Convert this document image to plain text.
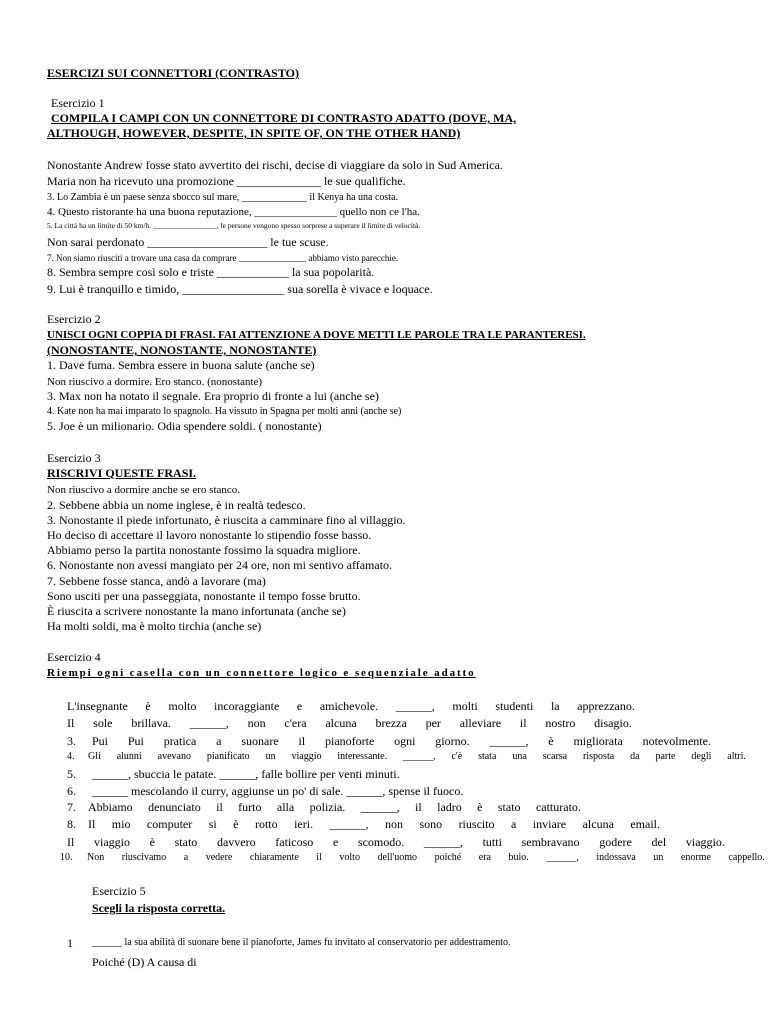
ESERCIZI SUI CONNETTORI (CONTRASTO)
Esercizio 1
COMPILA I CAMPI CON UN CONNETTORE DI CONTRASTO ADATTO (DOVE, MA,
ALTHOUGH, HOWEVER, DESPITE, IN SPITE OF, ON THE OTHER HAND)
Nonostante Andrew fosse stato avvertito dei rischi, decise di viaggiare da solo in Sud America.
Maria non ha ricevuto una promozione ______________ le sue qualifiche.
3. Lo Zambia è un paese senza sbocco sul mare, _____________ il Kenya ha una costa.
4. Questo ristorante ha una buona reputazione, _______________ quello non ce l'ha.
5. La città ha un limite di 50 km/h. _________________, le persone vengono spesso sorprese a superare il limite di velocità.
Non sarai perdonato ____________________ le tue scuse.
7. Non siamo riusciti a trovare una casa da comprare _______________ abbiamo visto parecchie.
8. Sembra sempre così solo e triste ____________ la sua popolarità.
9. Lui è tranquillo e timido, _________________ sua sorella è vivace e loquace.
Esercizio 2
UNISCI OGNI COPPIA DI FRASI. FAI ATTENZIONE A DOVE METTI LE PAROLE TRA LE PARANTERESI.
(NONOSTANTE, NONOSTANTE, NONOSTANTE)
1. Dave fuma. Sembra essere in buona salute (anche se)
Non riuscivo a dormire. Ero stanco. (nonostante)
3. Max non ha notato il segnale. Era proprio di fronte a lui (anche se)
4. Kate non ha mai imparato lo spagnolo. Ha vissuto in Spagna per molti anni (anche se)
5. Joe è un milionario. Odia spendere soldi. ( nonostante)
Esercizio 3
RISCRIVI QUESTE FRASI.
Non riuscivo a dormire anche se ero stanco.
2. Sebbene abbia un nome inglese, è in realtà tedesco.
3. Nonostante il piede infortunato, è riuscita a camminare fino al villaggio.
Ho deciso di accettare il lavoro nonostante lo stipendio fosse basso.
Abbiamo perso la partita nonostante fossimo la squadra migliore.
6. Nonostante non avessi mangiato per 24 ore, non mi sentivo affamato.
7. Sebbene fosse stanca, andò a lavorare (ma)
Sono usciti per una passeggiata, nonostante il tempo fosse brutto.
È riuscita a scrivere nonostante la mano infortunata (anche se)
Ha molti soldi, ma è molto tirchia (anche se)
Esercizio 4
Riempi ogni casella con un connettore logico e sequenziale adatto
L'insegnante è molto incoraggiante e amichevole. ______, molti studenti la apprezzano.
Il sole brillava. ______, non c'era alcuna brezza per alleviare il nostro disagio.
3. Pui Pui pratica a suonare il pianoforte ogni giorno. ______, è migliorata notevolmente.
4. Gli alunni avevano pianificato un viaggio interessante. ______, c'è stata una scarsa risposta da parte degli altri.
5. ______, sbuccia le patate. ______, falle bollire per venti minuti.
6. ______ mescolando il curry, aggiunse un po' di sale. ______, spense il fuoco.
7. Abbiamo denunciato il furto alla polizia. ______, il ladro è stato catturato.
8. Il mio computer si è rotto ieri. ______, non sono riuscito a inviare alcuna email.
Il viaggio è stato davvero faticoso e scomodo. ______, tutti sembravano godere del viaggio.
10. Non riuscivamo a vedere chiaramente il volto dell'uomo poiché era buio. ______, indossava un enorme cappello.
Esercizio 5
Scegli la risposta corretta.
1 ______ la sua abilità di suonare bene il pianoforte, James fu invitato al conservatorio per addestramento.
Poiché (D) A causa di
